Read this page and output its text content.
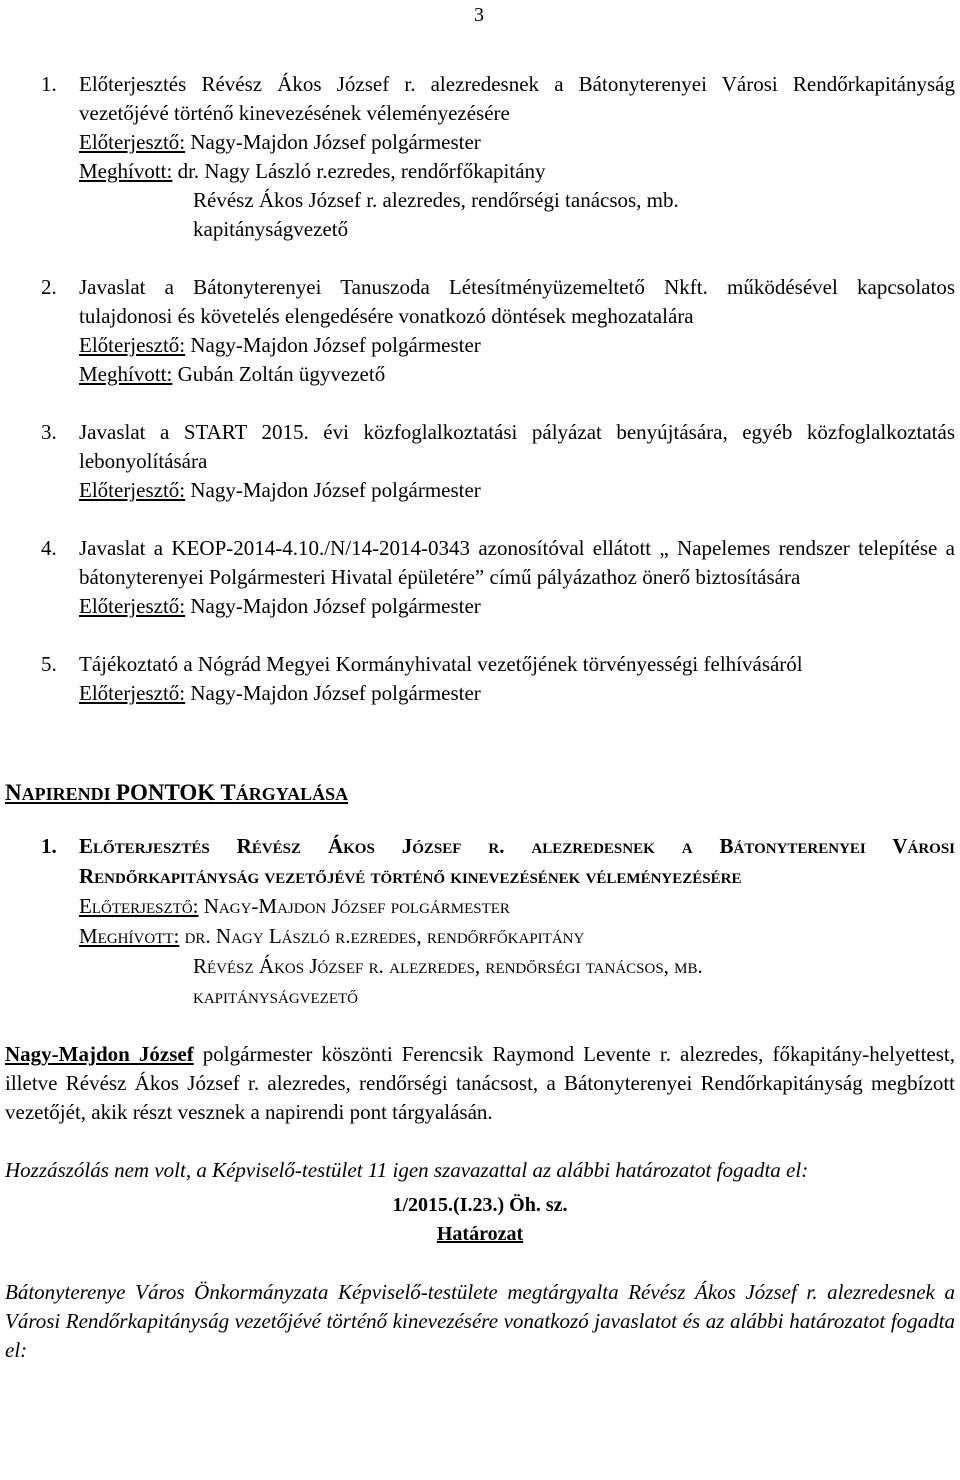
3
1. Előterjesztés Révész Ákos József r. alezredesnek a Bátonyterenyei Városi Rendőrkapitányság vezetőjévé történő kinevezésének véleményezésére
Előterjesztő: Nagy-Majdon József polgármester
Meghívott: dr. Nagy László r.ezredes, rendőrfőkapitány
Révész Ákos József r. alezredes, rendőrségi tanácsos, mb.
kapitányságvezető
2. Javaslat a Bátonyterenyei Tanuszoda Létesítményüzemeltető Nkft. működésével kapcsolatos tulajdonosi és követelés elengedésére vonatkozó döntések meghozatalára
Előterjesztő: Nagy-Majdon József polgármester
Meghívott: Gubán Zoltán ügyvezető
3. Javaslat a START 2015. évi közfoglalkoztatási pályázat benyújtására, egyéb közfoglalkoztatás lebonyolítására
Előterjesztő: Nagy-Majdon József polgármester
4. Javaslat a KEOP-2014-4.10./N/14-2014-0343 azonosítóval ellátott „ Napelemes rendszer telepítése a bátonyterenyei Polgármesteri Hivatal épületére” című pályázathoz önerő biztosítására
Előterjesztő: Nagy-Majdon József polgármester
5. Tájékoztató a Nógrád Megyei Kormányhivatal vezetőjének törvényességi felhívásáról
Előterjesztő: Nagy-Majdon József polgármester
NAPIRENDI PONTOK TÁRGYALÁSA
1. Előterjesztés Révész Ákos József r. alezredesnek a Bátonyterenyei Városi Rendőrkapitányság vezetőjévé történő kinevezésének véleményezésére
Előterjesztő: Nagy-Majdon József polgármester
Meghívott: dr. Nagy László r.ezredes, rendőrfőkapitány
Révész Ákos József r. alezredes, rendőrségi tanácsos, mb.
kapitányságvezető
Nagy-Majdon József polgármester köszönti Ferencsik Raymond Levente r. alezredes, főkapitány-helyettest, illetve Révész Ákos József r. alezredes, rendőrségi tanácsost, a Bátonyterenyei Rendőrkapitányság megbízott vezetőjét, akik részt vesznek a napirendi pont tárgyalásán.
Hozzászólás nem volt, a Képviselő-testület 11 igen szavazattal az alábbi határozatot fogadta el:
1/2015.(I.23.) Öh. sz.
Határozat
Bátonyterenye Város Önkormányzata Képviselő-testülete megtárgyalta Révész Ákos József r. alezredesnek a Városi Rendőrkapitányság vezetőjévé történő kinevezésére vonatkozó javaslatot és az alábbi határozatot fogadta el:
